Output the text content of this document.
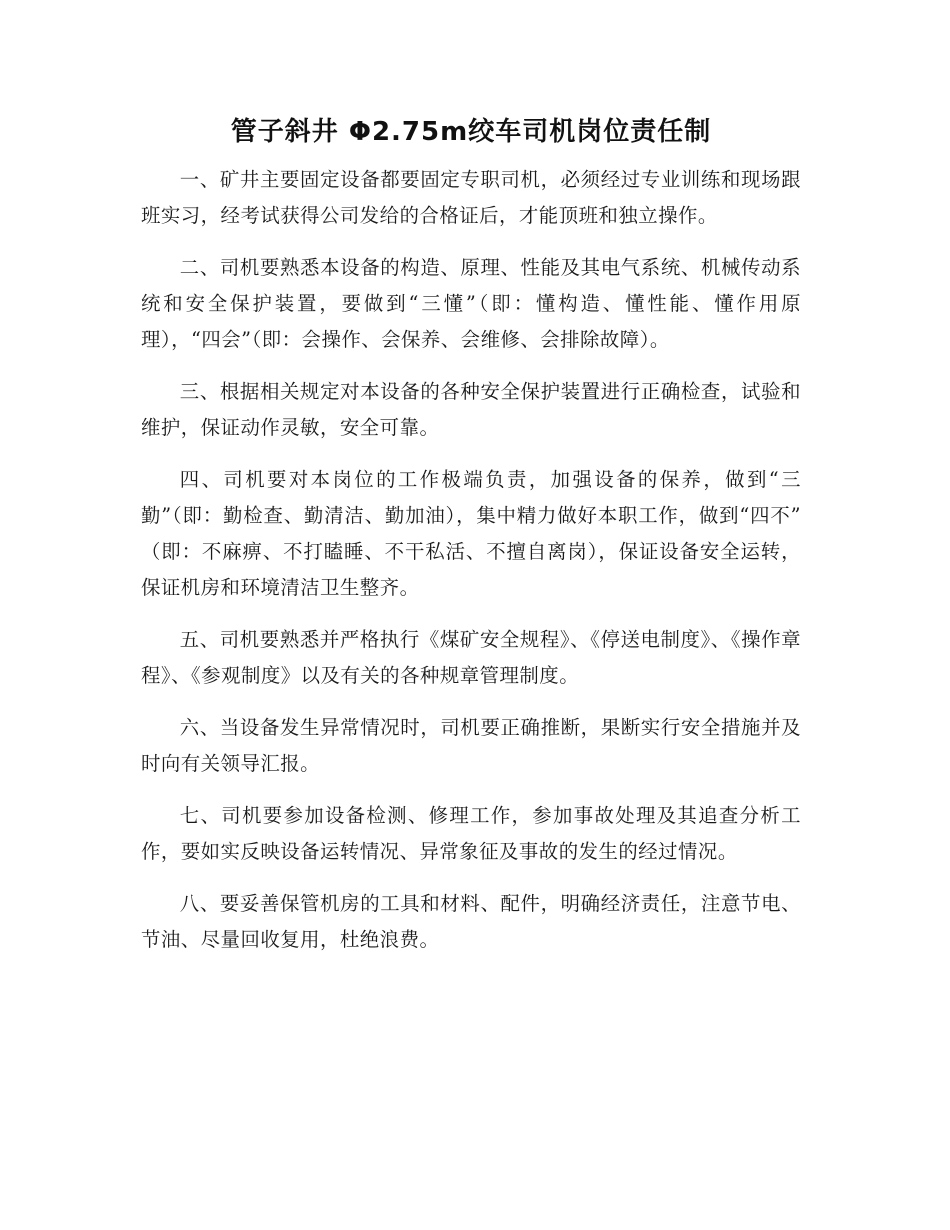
管子斜井 Φ2.75m绞车司机岗位责任制

一、矿井主要固定设备都要固定专职司机，必须经过专业训练和现场跟班实习，经考试获得公司发给的合格证后，才能顶班和独立操作。

二、司机要熟悉本设备的构造、原理、性能及其电气系统、机械传动系统和安全保护装置，要做到“三懂”（即：懂构造、懂性能、懂作用原理），“四会”（即：会操作、会保养、会维修、会排除故障）。

三、根据相关规定对本设备的各种安全保护装置进行正确检查，试验和维护，保证动作灵敏，安全可靠。

四、司机要对本岗位的工作极端负责，加强设备的保养，做到“三勤”（即：勤检查、勤清洁、勤加油），集中精力做好本职工作，做到“四不” （即：不麻痹、不打瞌睡、不干私活、不擅自离岗），保证设备安全运转，保证机房和环境清洁卫生整齐。

五、司机要熟悉并严格执行《煤矿安全规程》、《停送电制度》、《操作章程》、《参观制度》以及有关的各种规章管理制度。

六、当设备发生异常情况时，司机要正确推断，果断实行安全措施并及时向有关领导汇报。

七、司机要参加设备检测、修理工作，参加事故处理及其追查分析工作，要如实反映设备运转情况、异常象征及事故的发生的经过情况。

八、要妥善保管机房的工具和材料、配件，明确经济责任，注意节电、节油、尽量回收复用，杜绝浪费。
